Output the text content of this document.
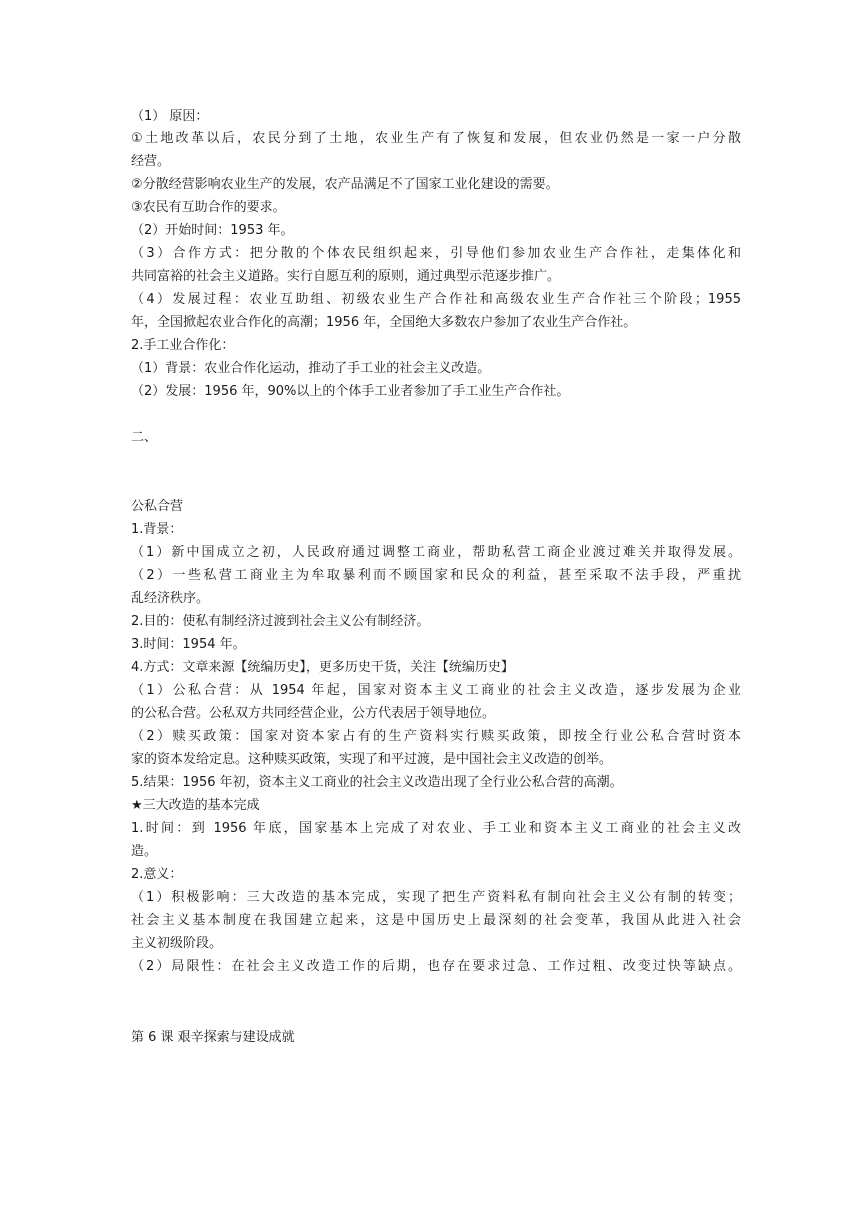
（1） 原因：
①土地改革以后，农民分到了土地，农业生产有了恢复和发展，但农业仍然是一家一户分散
经营。
②分散经营影响农业生产的发展，农产品满足不了国家工业化建设的需要。
③农民有互助合作的要求。
（2）开始时间：1953 年。
（3）合作方式：把分散的个体农民组织起来，引导他们参加农业生产合作社，走集体化和
共同富裕的社会主义道路。实行自愿互利的原则，通过典型示范逐步推广。
（4）发展过程：农业互助组、初级农业生产合作社和高级农业生产合作社三个阶段；1955
年，全国掀起农业合作化的高潮；1956 年，全国绝大多数农户参加了农业生产合作社。
2.手工业合作化：
（1）背景：农业合作化运动，推动了手工业的社会主义改造。
（2）发展：1956 年，90%以上的个体手工业者参加了手工业生产合作社。
二、
公私合营
1.背景：
（1）新中国成立之初，人民政府通过调整工商业，帮助私营工商企业渡过难关并取得发展。
（2）一些私营工商业主为牟取暴利而不顾国家和民众的利益，甚至采取不法手段，严重扰
乱经济秩序。
2.目的：使私有制经济过渡到社会主义公有制经济。
3.时间：1954 年。
4.方式：文章来源【统编历史】，更多历史干货，关注【统编历史】
（1）公私合营：从 1954 年起，国家对资本主义工商业的社会主义改造，逐步发展为企业
的公私合营。公私双方共同经营企业，公方代表居于领导地位。
（2）赎买政策：国家对资本家占有的生产资料实行赎买政策，即按全行业公私合营时资本
家的资本发给定息。这种赎买政策，实现了和平过渡，是中国社会主义改造的创举。
5.结果：1956 年初，资本主义工商业的社会主义改造出现了全行业公私合营的高潮。
★三大改造的基本完成
1.时间：到 1956 年底，国家基本上完成了对农业、手工业和资本主义工商业的社会主义改
造。
2.意义：
（1）积极影响：三大改造的基本完成，实现了把生产资料私有制向社会主义公有制的转变；
社会主义基本制度在我国建立起来，这是中国历史上最深刻的社会变革，我国从此进入社会
主义初级阶段。
（2）局限性：在社会主义改造工作的后期，也存在要求过急、工作过粗、改变过快等缺点。
第 6 课 艰辛探索与建设成就
